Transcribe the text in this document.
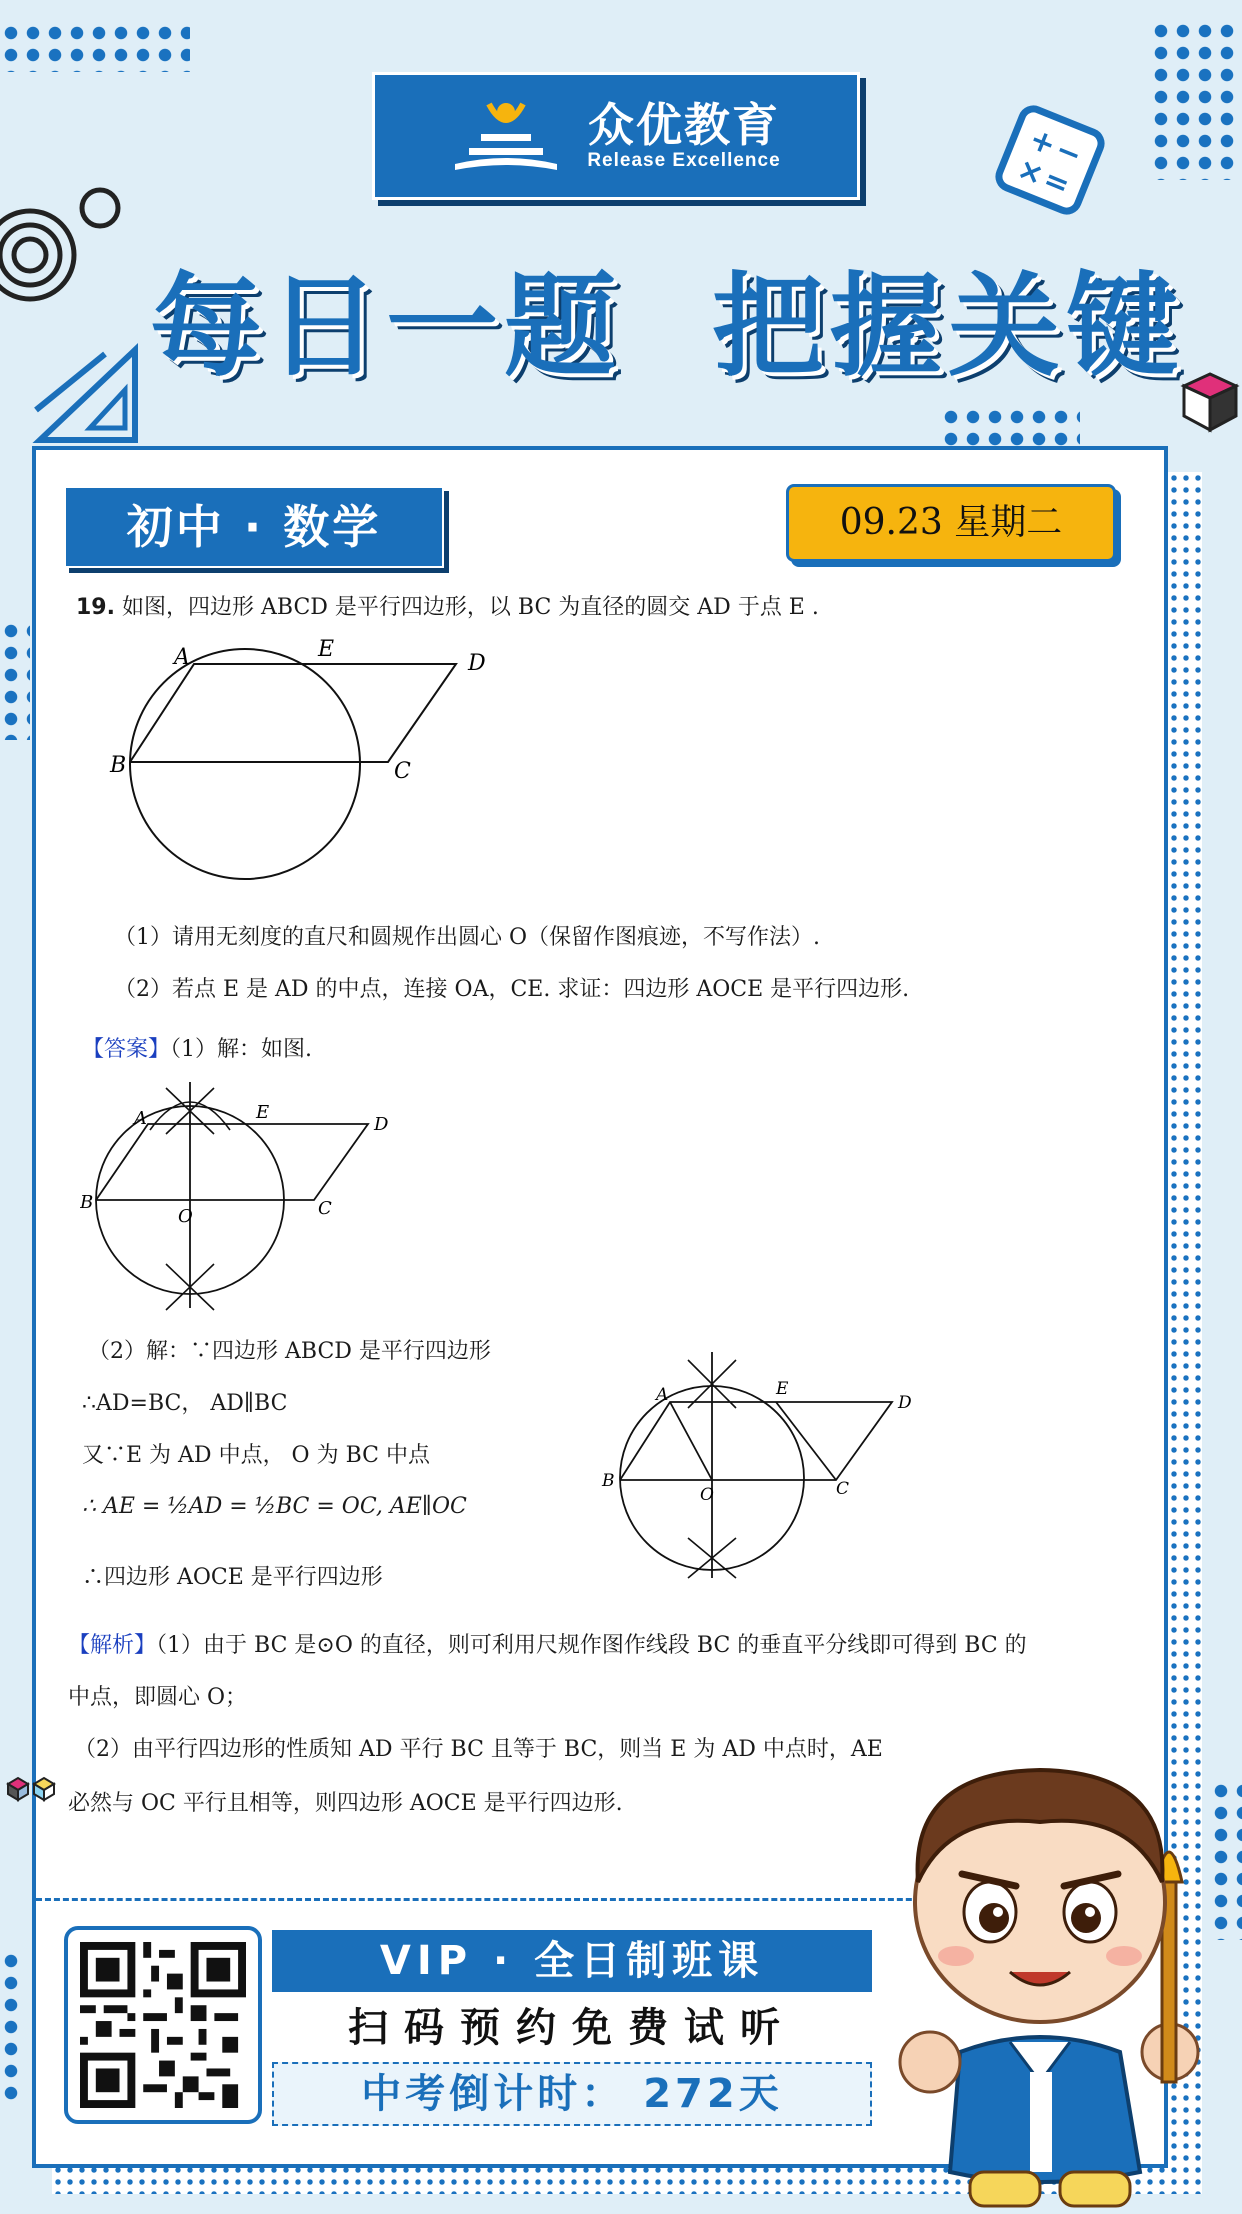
+
−
×
=
众优教育
Release Excellence
每日一题  把握关键
初中 · 数学	09.23 星期二
19. 如图，四边形 ABCD 是平行四边形，以 BC 为直径的圆交 AD 于点 E .
B
A	E
D
C
（1）请用无刻度的直尺和圆规作出圆心 O（保留作图痕迹，不写作法）.
（2）若点 E 是 AD 的中点，连接 OA，CE. 求证：四边形 AOCE 是平行四边形.
【答案】（1）解：如图.
B
A	E
D
C
O
（2）解：∵四边形 ABCD 是平行四边形
∴AD=BC， AD∥BC
又∵E 为 AD 中点， O 为 BC 中点
∴ AE = ½AD = ½BC = OC, AE∥OC
∴四边形 AOCE 是平行四边形
B
A	E
D
C
O
【解析】（1）由于 BC 是⊙O 的直径，则可利用尺规作图作线段 BC 的垂直平分线即可得到 BC 的
中点，即圆心 O；
（2）由平行四边形的性质知 AD 平行 BC 且等于 BC，则当 E 为 AD 中点时，AE
必然与 OC 平行且相等，则四边形 AOCE 是平行四边形.
VIP · 全日制班课
扫码预约免费试听
中考倒计时： 272天
